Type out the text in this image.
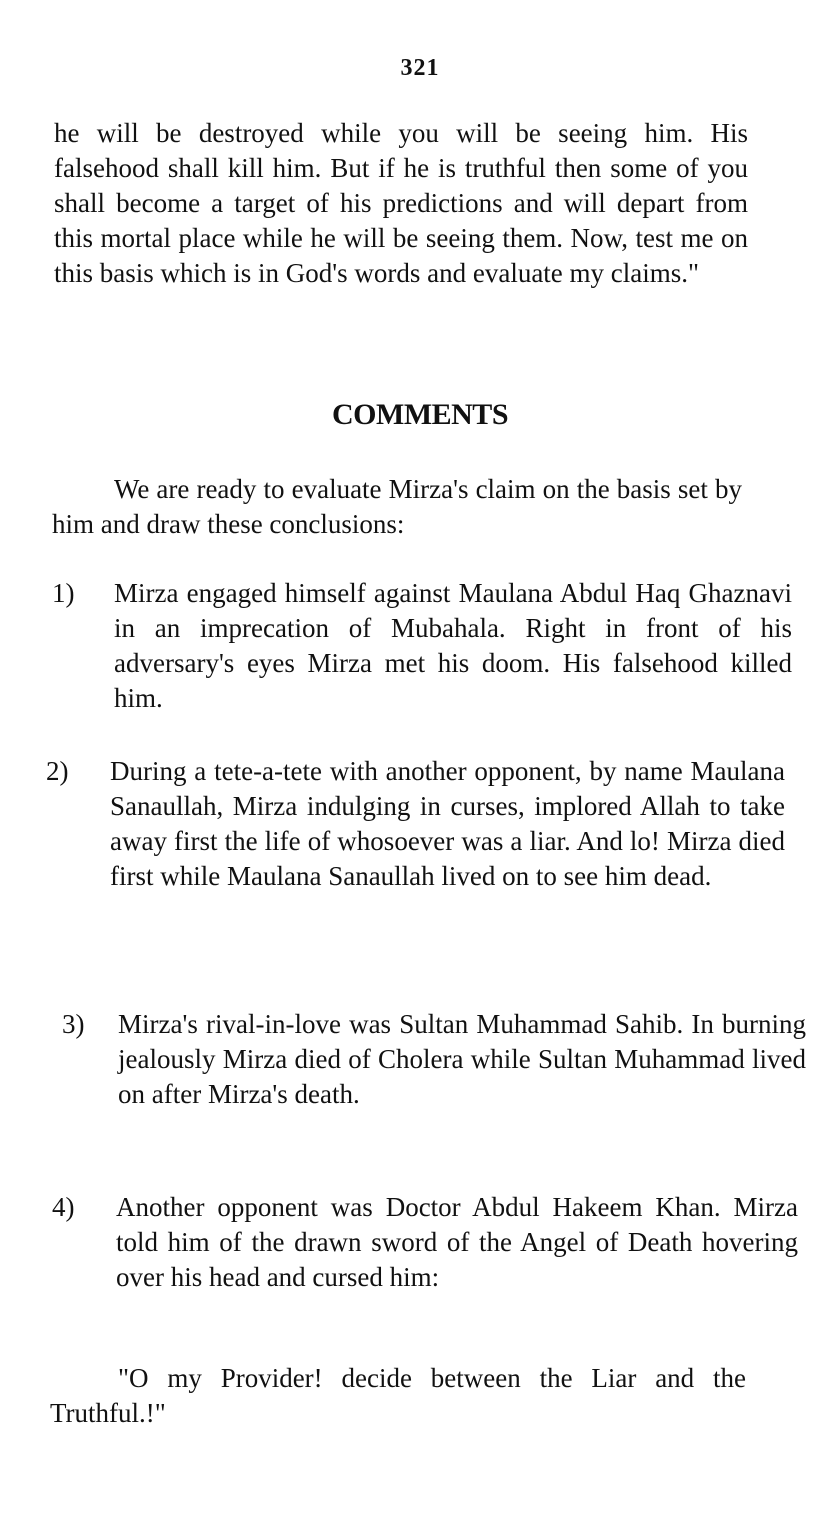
321
he will be destroyed while you will be seeing him. His falsehood shall kill him. But if he is truthful then some of you shall become a target of his predictions and will depart from this mortal place while he will be seeing them. Now, test me on this basis which is in God's words and evaluate my claims."
COMMENTS
We are ready to evaluate Mirza's claim on the basis set by him and draw these conclusions:
1) Mirza engaged himself against Maulana Abdul Haq Ghaznavi in an imprecation of Mubahala. Right in front of his adversary's eyes Mirza met his doom. His falsehood killed him.
2) During a tete-a-tete with another opponent, by name Maulana Sanaullah, Mirza indulging in curses, implored Allah to take away first the life of whosoever was a liar. And lo! Mirza died first while Maulana Sanaullah lived on to see him dead.
3) Mirza's rival-in-love was Sultan Muhammad Sahib. In burning jealously Mirza died of Cholera while Sultan Muhammad lived on after Mirza's death.
4) Another opponent was Doctor Abdul Hakeem Khan. Mirza told him of the drawn sword of the Angel of Death hovering over his head and cursed him:
"O my Provider! decide between the Liar and the Truthful.!"
